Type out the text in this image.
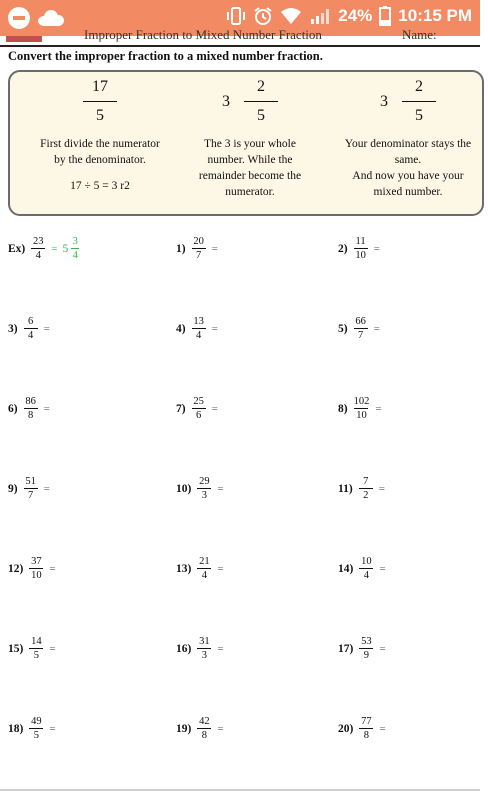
24% 10:15 PM
Improper Fraction to Mixed Number Fraction	Name:
Convert the improper fraction to a mixed number fraction.
$\frac{17}{5}$
First divide the numerator
by the denominator.
17 ÷ 5 = 3 r2
$3 \frac{2}{5}$
The 3 is your whole
number. While the
remainder become the
numerator.
$3 \frac{2}{5}$
Your denominator stays the
same.
And now you have your
mixed number.
$Ex) \frac{23}{4} = 5 \frac{3}{4}$	$1) \frac{20}{7}$ =	$2) \frac{11}{10}$ =
$3) \frac{6}{4}$ =	$4) \frac{13}{4}$ =	$5) \frac{66}{7}$ =
$6) \frac{86}{8}$ =	$7) \frac{25}{6}$ =	$8) \frac{102}{10}$ =
$9) \frac{51}{7}$ =	$10) \frac{29}{3}$ =	$11) \frac{7}{2}$ =
$12) \frac{37}{10}$ =	$13) \frac{21}{4}$ =	$14) \frac{10}{4}$ =
$15) \frac{14}{5}$ =	$16) \frac{31}{3}$ =	$17) \frac{53}{9}$ =
$18) \frac{49}{5}$ =	$19) \frac{42}{8}$ =	$20) \frac{77}{8}$ =
